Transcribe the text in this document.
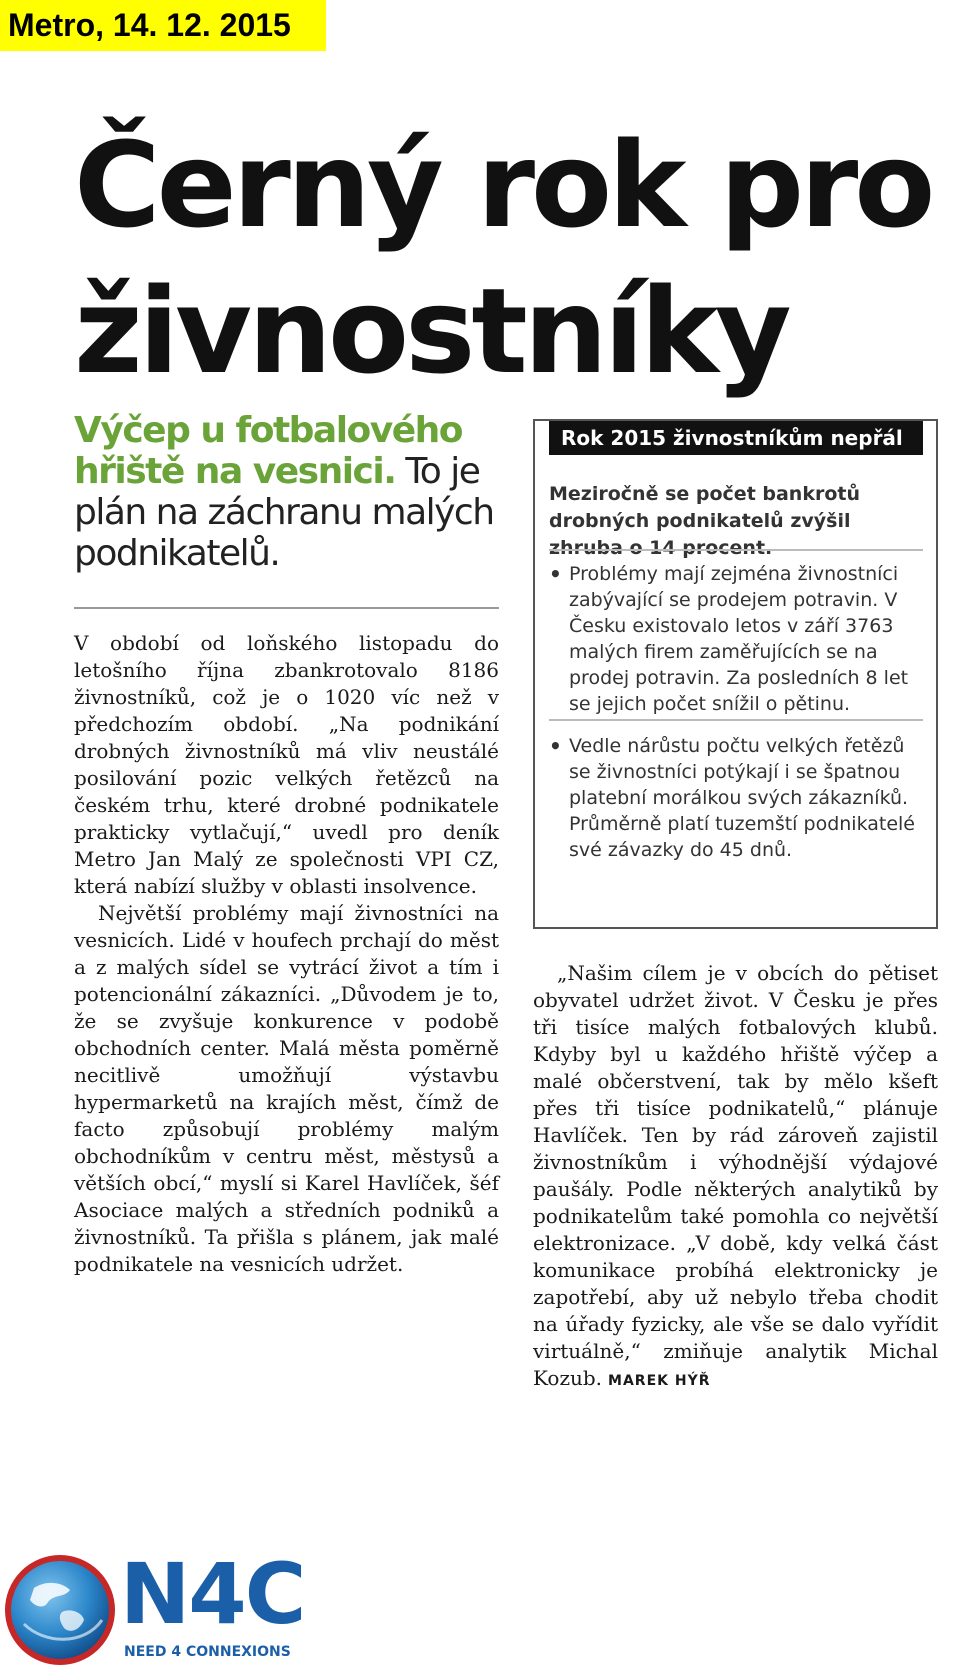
Metro, 14. 12. 2015
Černý rok pro
živnostníky

Výčep u fotbalového hřiště na vesnici. To je plán na záchranu malých podnikatelů.

V období od loňského listopadu do letošního října zbankrotovalo 8186 živnostníků, což je o 1020 víc než v předchozím období. „Na podnikání drobných živnostníků má vliv neustálé posilování pozic velkých řetězců na českém trhu, které drobné podnikatele prakticky vytlačují,“ uvedl pro deník Metro Jan Malý ze společnosti VPI CZ, která nabízí služby v oblasti insolvence.

Největší problémy mají živnostníci na vesnicích. Lidé v houfech prchají do měst a z malých sídel se vytrácí život a tím i potencionální zákazníci. „Důvodem je to, že se zvyšuje konkurence v podobě obchodních center. Malá města poměrně necitlivě umožňují výstavbu hypermarketů na krajích měst, čímž de facto způsobují problémy malým obchodníkům v centru měst, městysů a větších obcí,“ myslí si Karel Havlíček, šéf Asociace malých a středních podniků a živnostníků. Ta přišla s plánem, jak malé podnikatele na vesnicích udržet.

Rok 2015 živnostníkům nepřál

Meziročně se počet bankrotů drobných podnikatelů zvýšil zhruba o 14 procent.

• Problémy mají zejména živnostníci zabývající se prodejem potravin. V Česku existovalo letos v září 3763 malých firem zaměřujících se na prodej potravin. Za posledních 8 let se jejich počet snížil o pětinu.
• Vedle nárůstu počtu velkých řetězů se živnostníci potýkají i se špatnou platební morálkou svých zákazníků. Průměrně platí tuzemští podnikatelé své závazky do 45 dnů.

„Našim cílem je v obcích do pětiset obyvatel udržet život. V Česku je přes tři tisíce malých fotbalových klubů. Kdyby byl u každého hřiště výčep a malé občerstvení, tak by mělo kšeft přes tři tisíce podnikatelů,“ plánuje Havlíček. Ten by rád zároveň zajistil živnostníkům i výhodnější výdajové paušály. Podle některých analytiků by podnikatelům také pomohla co největší elektronizace. „V době, kdy velká část komunikace probíhá elektronicky je zapotřebí, aby už nebylo třeba chodit na úřady fyzicky, ale vše se dalo vyřídit virtuálně,“ zmiňuje analytik Michal Kozub. MAREK HÝŘ

N4C
NEED 4 CONNEXIONS
